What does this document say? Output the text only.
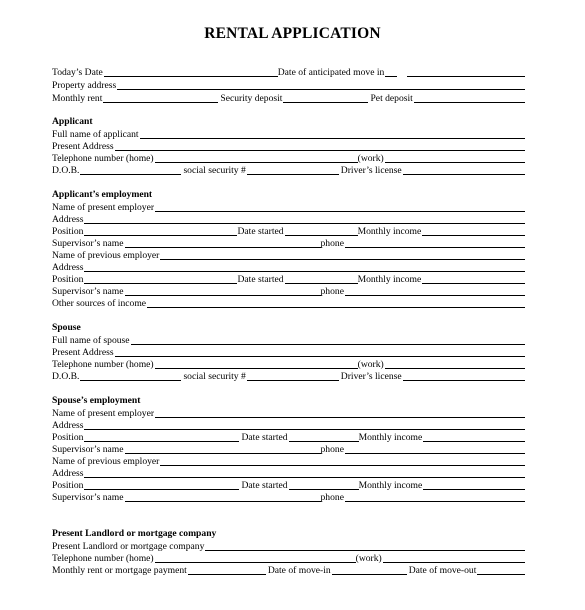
RENTAL APPLICATION
Today’s Date	Date of anticipated move in
Property address
Monthly rent	Security deposit	Pet deposit
Applicant
Full name of applicant
Present Address
Telephone number (home)	(work)
D.O.B.	social security #	Driver’s license
Applicant’s employment
Name of present employer
Address
Position	Date started	Monthly income
Supervisor’s name	phone
Name of previous employer
Address
Position	Date started	Monthly income
Supervisor’s name	phone
Other sources of income
Spouse
Full name of spouse
Present Address
Telephone number (home)	(work)
D.O.B.	social security #	Driver’s license
Spouse’s employment
Name of present employer
Address
Position	Date started	Monthly income
Supervisor’s name	phone
Name of previous employer
Address
Position	Date started	Monthly income
Supervisor’s name	phone
Present Landlord or mortgage company
Present Landlord or mortgage company
Telephone number (home)	(work)
Monthly rent or mortgage payment	Date of move-in	Date of move-out
